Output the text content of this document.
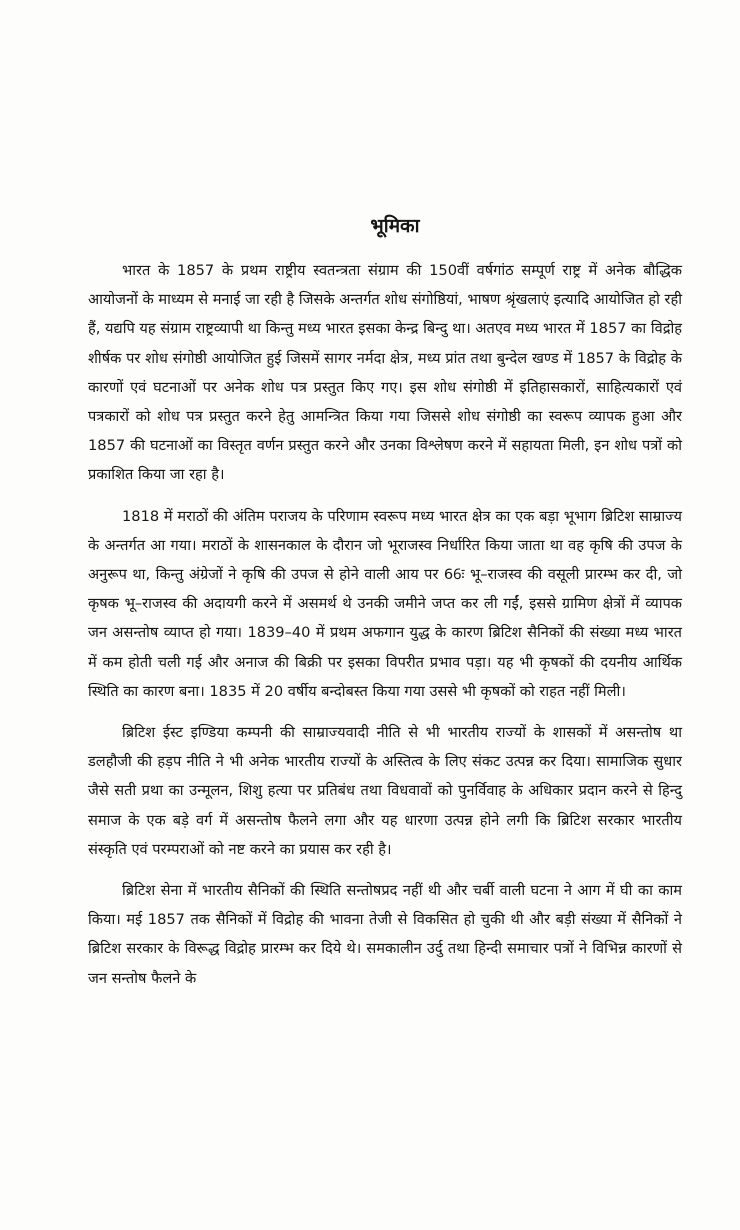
भूमिका

भारत के 1857 के प्रथम राष्ट्रीय स्वतन्त्रता संग्राम की 150वीं वर्षगांठ सम्पूर्ण राष्ट्र में अनेक बौद्धिक आयोजनों के माध्यम से मनाई जा रही है जिसके अन्तर्गत शोध संगोष्ठियां, भाषण श्रृंखलाएं इत्यादि आयोजित हो रही हैं, यद्यपि यह संग्राम राष्ट्रव्यापी था किन्तु मध्य भारत इसका केन्द्र बिन्दु था। अतएव मध्य भारत में 1857 का विद्रोह शीर्षक पर शोध संगोष्ठी आयोजित हुई जिसमें सागर नर्मदा क्षेत्र, मध्य प्रांत तथा बुन्देल खण्ड में 1857 के विद्रोह के कारणों एवं घटनाओं पर अनेक शोध पत्र प्रस्तुत किए गए। इस शोध संगोष्ठी में इतिहासकारों, साहित्यकारों एवं पत्रकारों को शोध पत्र प्रस्तुत करने हेतु आमन्त्रित किया गया जिससे शोध संगोष्ठी का स्वरूप व्यापक हुआ और 1857 की घटनाओं का विस्तृत वर्णन प्रस्तुत करने और उनका विश्लेषण करने में सहायता मिली, इन शोध पत्रों को प्रकाशित किया जा रहा है।

1818 में मराठों की अंतिम पराजय के परिणाम स्वरूप मध्य भारत क्षेत्र का एक बड़ा भूभाग ब्रिटिश साम्राज्य के अन्तर्गत आ गया। मराठों के शासनकाल के दौरान जो भूराजस्व निर्धारित किया जाता था वह कृषि की उपज के अनुरूप था, किन्तु अंग्रेजों ने कृषि की उपज से होने वाली आय पर 66ः भू–राजस्व की वसूली प्रारम्भ कर दी, जो कृषक भू–राजस्व की अदायगी करने में असमर्थ थे उनकी जमीने जप्त कर ली गईं, इससे ग्रामिण क्षेत्रों में व्यापक जन असन्तोष व्याप्त हो गया। 1839–40 में प्रथम अफगान युद्ध के कारण ब्रिटिश सैनिकों की संख्या मध्य भारत में कम होती चली गई और अनाज की बिक्री पर इसका विपरीत प्रभाव पड़ा। यह भी कृषकों की दयनीय आर्थिक स्थिति का कारण बना। 1835 में 20 वर्षीय बन्दोबस्त किया गया उससे भी कृषकों को राहत नहीं मिली।

ब्रिटिश ईस्ट इण्डिया कम्पनी की साम्राज्यवादी नीति से भी भारतीय राज्यों के शासकों में असन्तोष था डलहौजी की हड़प नीति ने भी अनेक भारतीय राज्यों के अस्तित्व के लिए संकट उत्पन्न कर दिया। सामाजिक सुधार जैसे सती प्रथा का उन्मूलन, शिशु हत्या पर प्रतिबंध तथा विधवावों को पुनर्विवाह के अधिकार प्रदान करने से हिन्दु समाज के एक बड़े वर्ग में असन्तोष फैलने लगा और यह धारणा उत्पन्न होने लगी कि ब्रिटिश सरकार भारतीय संस्कृति एवं परम्पराओं को नष्ट करने का प्रयास कर रही है।

ब्रिटिश सेना में भारतीय सैनिकों की स्थिति सन्तोषप्रद नहीं थी और चर्बी वाली घटना ने आग में घी का काम किया। मई 1857 तक सैनिकों में विद्रोह की भावना तेजी से विकसित हो चुकी थी और बड़ी संख्या में सैनिकों ने ब्रिटिश सरकार के विरूद्ध विद्रोह प्रारम्भ कर दिये थे। समकालीन उर्दु तथा हिन्दी समाचार पत्रों ने विभिन्न कारणों से जन सन्तोष फैलने के
